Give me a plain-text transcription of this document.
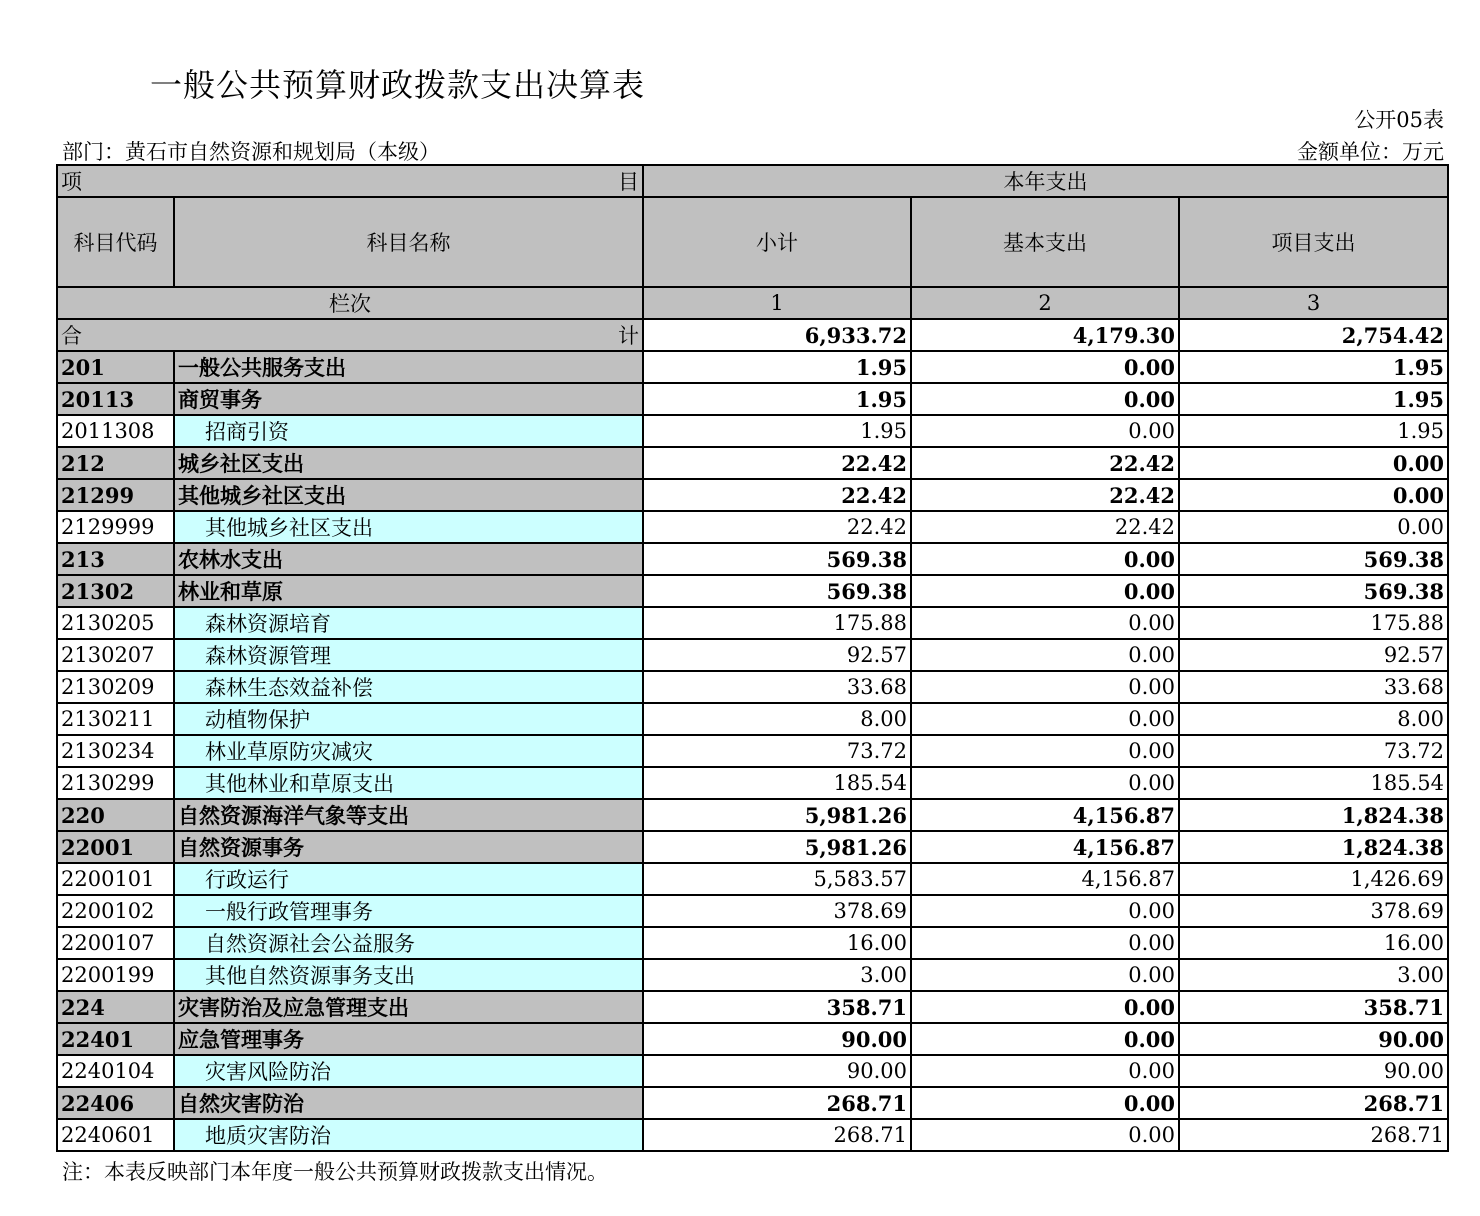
一般公共预算财政拨款支出决算表
公开05表
部门：黄石市自然资源和规划局（本级）	金额单位：万元
项 目		本年支出		
科目代码	科目名称	小计	基本支出	项目支出
栏次		1	2	3

合 计		6,933.72	4,179.30	2,754.42
201	一般公共服务支出	1.95	0.00	1.95
20113	商贸事务	1.95	0.00	1.95
2011308	招商引资	1.95	0.00	1.95
212	城乡社区支出	22.42	22.42	0.00
21299	其他城乡社区支出	22.42	22.42	0.00
2129999	其他城乡社区支出	22.42	22.42	0.00
213	农林水支出	569.38	0.00	569.38
21302	林业和草原	569.38	0.00	569.38
2130205	森林资源培育	175.88	0.00	175.88
2130207	森林资源管理	92.57	0.00	92.57
2130209	森林生态效益补偿	33.68	0.00	33.68
2130211	动植物保护	8.00	0.00	8.00
2130234	林业草原防灾减灾	73.72	0.00	73.72
2130299	其他林业和草原支出	185.54	0.00	185.54
220	自然资源海洋气象等支出	5,981.26	4,156.87	1,824.38
22001	自然资源事务	5,981.26	4,156.87	1,824.38
2200101	行政运行	5,583.57	4,156.87	1,426.69
2200102	一般行政管理事务	378.69	0.00	378.69
2200107	自然资源社会公益服务	16.00	0.00	16.00
2200199	其他自然资源事务支出	3.00	0.00	3.00
224	灾害防治及应急管理支出	358.71	0.00	358.71
22401	应急管理事务	90.00	0.00	90.00
2240104	灾害风险防治	90.00	0.00	90.00
22406	自然灾害防治	268.71	0.00	268.71
2240601	地质灾害防治	268.71	0.00	268.71
注：本表反映部门本年度一般公共预算财政拨款支出情况。
